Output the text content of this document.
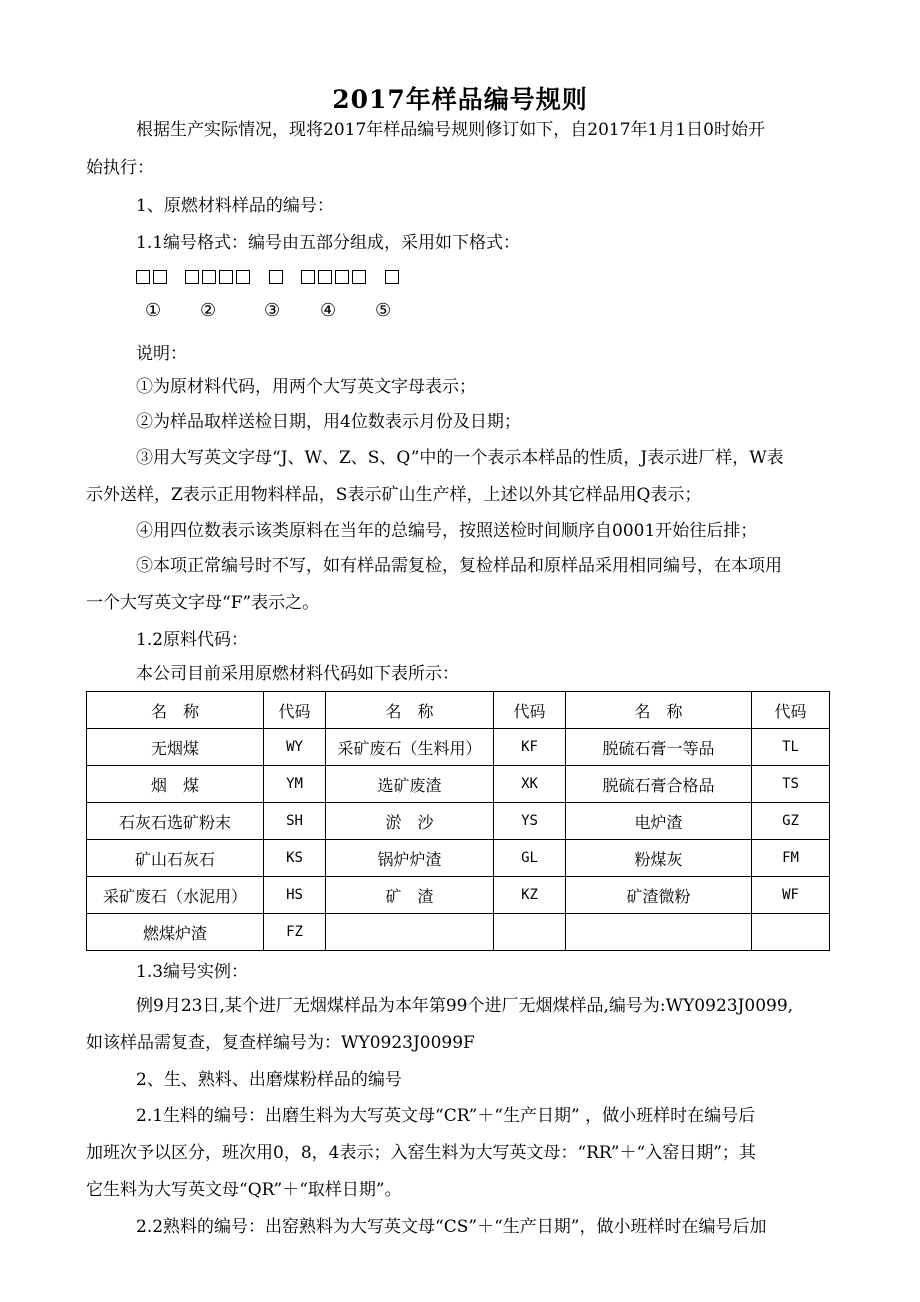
2017年样品编号规则
根据生产实际情况，现将2017年样品编号规则修订如下，自2017年1月1日0时始开
始执行：
1、原燃材料样品的编号：
1.1编号格式：编号由五部分组成，采用如下格式：

① ②	③ ④ ⑤
说明：
①为原材料代码，用两个大写英文字母表示；
②为样品取样送检日期，用4位数表示月份及日期；
③用大写英文字母“J、W、Z、S、Q”中的一个表示本样品的性质，J表示进厂样，W表
示外送样，Z表示正用物料样品，S表示矿山生产样，上述以外其它样品用Q表示；
④用四位数表示该类原料在当年的总编号，按照送检时间顺序自0001开始往后排；
⑤本项正常编号时不写，如有样品需复检，复检样品和原样品采用相同编号，在本项用
一个大写英文字母“F”表示之。
1.2原料代码：
本公司目前采用原燃材料代码如下表所示：
名　称	代码	名　称	代码	名　称	代码
无烟煤	WY	采矿废石（生料用）	KF	脱硫石膏一等品	TL
烟　煤	YM	选矿废渣	XK	脱硫石膏合格品	TS
石灰石选矿粉末	SH	淤　沙	YS	电炉渣	GZ
矿山石灰石	KS	锅炉炉渣	GL	粉煤灰	FM
采矿废石（水泥用）	HS	矿　渣	KZ	矿渣微粉	WF
燃煤炉渣	FZ				
1.3编号实例：
例9月23日,某个进厂无烟煤样品为本年第99个进厂无烟煤样品,编号为:WY0923J0099,
如该样品需复查，复查样编号为：WY0923J0099F
2、生、熟料、出磨煤粉样品的编号
2.1生料的编号：出磨生料为大写英文母“CR”＋“生产日期” ，做小班样时在编号后
加班次予以区分，班次用0，8，4表示；入窑生料为大写英文母：“RR”＋“入窑日期”；其
它生料为大写英文母“QR”＋“取样日期”。
2.2熟料的编号：出窑熟料为大写英文母“CS”＋“生产日期”，做小班样时在编号后加
